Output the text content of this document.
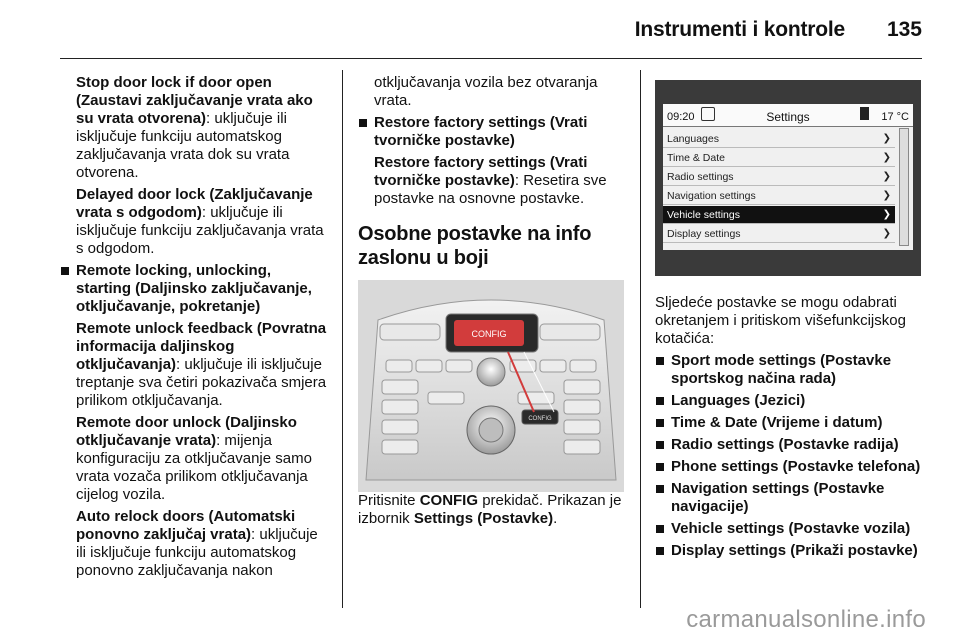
Instrumenti i kontrole 135

Stop door lock if door open (Zaustavi zaključavanje vrata ako su vrata otvorena): uključuje ili isključuje funkciju automatskog zaključavanja vrata dok su vrata otvorena.

Delayed door lock (Zaključavanje vrata s odgodom): uključuje ili isključuje funkciju zaključavanja vrata s odgodom.

Remote locking, unlocking, starting (Daljinsko zaključavanje, otključavanje, pokretanje)

Remote unlock feedback (Povratna informacija daljinskog otključavanja): uključuje ili isključuje treptanje sva četiri pokazivača smjera prilikom otključavanja.

Remote door unlock (Daljinsko otključavanje vrata): mijenja konfiguraciju za otključavanje samo vrata vozača prilikom otključavanja cijelog vozila.

Auto relock doors (Automatski ponovno zaključaj vrata): uključuje ili isključuje funkciju automatskog ponovno zaključavanja nakon

otključavanja vozila bez otvaranja vrata.

Restore factory settings (Vrati tvorničke postavke)

Restore factory settings (Vrati tvorničke postavke): Resetira sve postavke na osnovne postavke.

Osobne postavke na info zaslonu u boji
CONFIG
CONFIG

Pritisnite CONFIG prekidač. Prikazan je izbornik Settings (Postavke).

09:20	Settings	17 °C
Languages	❯
Time & Date	❯
Radio settings	❯
Navigation settings	❯
Vehicle settings	❯
Display settings	❯

Sljedeće postavke se mogu odabrati okretanjem i pritiskom višefunkcijskog kotačića:

Sport mode settings (Postavke sportskog načina rada)

Languages (Jezici)

Time & Date (Vrijeme i datum)

Radio settings (Postavke radija)

Phone settings (Postavke telefona)

Navigation settings (Postavke navigacije)

Vehicle settings (Postavke vozila)

Display settings (Prikaži postavke)

carmanualsonline.info
